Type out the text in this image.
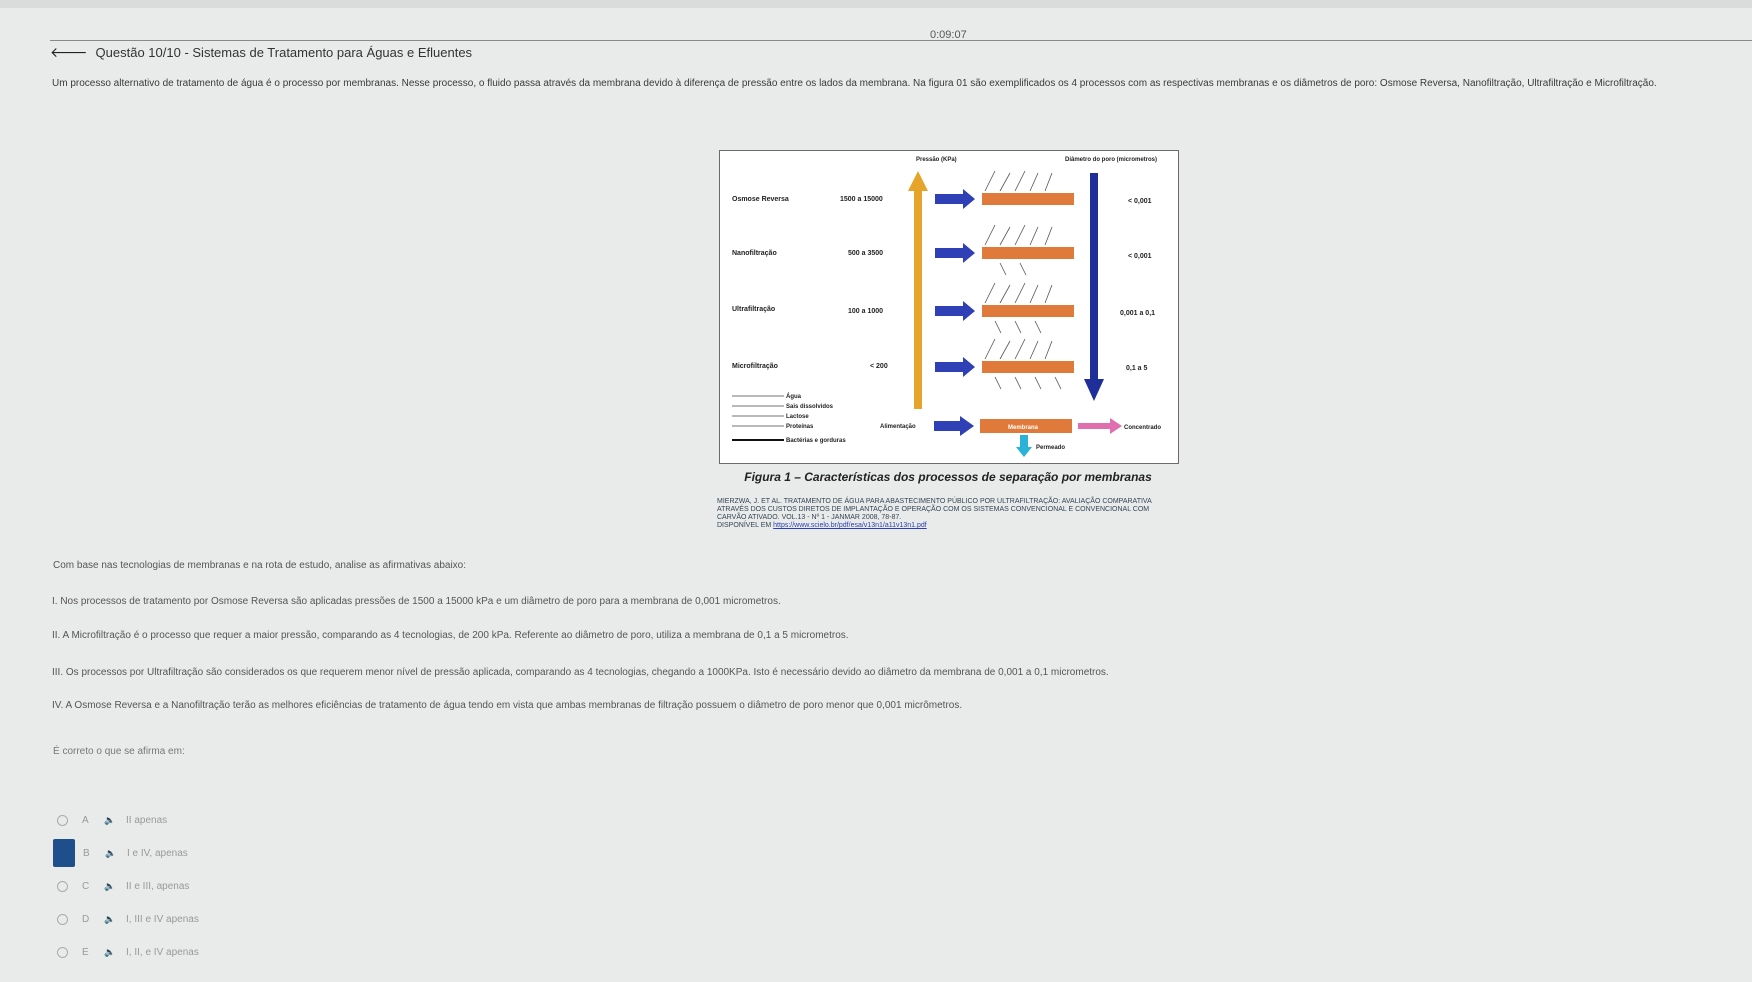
0:09:07
🡐 Questão 10/10 - Sistemas de Tratamento para Águas e Efluentes
Um processo alternativo de tratamento de água é o processo por membranas. Nesse processo, o fluido passa através da membrana devido à diferença de pressão entre os lados da membrana. Na figura 01 são exemplificados os 4 processos com as respectivas membranas e os diâmetros de poro: Osmose Reversa, Nanofiltração, Ultrafiltração e Microfiltração.
Pressão (KPa)	Diâmetro do poro (micrometros)
Osmose Reversa	1500 a 15000	< 0,001
Nanofiltração	500 a 3500	< 0,001
Ultrafiltração	100 a 1000	0,001 a 0,1
Microfiltração	< 200	0,1 a 5
Água
Sais dissolvidos
Lactose
Proteínas
Bactérias e gorduras
Alimentação	Membrana	Concentrado
Permeado
Figura 1 – Características dos processos de separação por membranas
MIERZWA, J. ET AL. TRATAMENTO DE ÁGUA PARA ABASTECIMENTO PÚBLICO POR ULTRAFILTRAÇÃO: AVALIAÇÃO COMPARATIVA ATRAVÉS DOS CUSTOS DIRETOS DE IMPLANTAÇÃO E OPERAÇÃO COM OS SISTEMAS CONVENCIONAL E CONVENCIONAL COM CARVÃO ATIVADO. VOL.13 - Nº 1 - JANMAR 2008, 78-87.
DISPONÍVEL EM https://www.scielo.br/pdf/esa/v13n1/a11v13n1.pdf
Com base nas tecnologias de membranas e na rota de estudo, analise as afirmativas abaixo:
I. Nos processos de tratamento por Osmose Reversa são aplicadas pressões de 1500 a 15000 kPa e um diâmetro de poro para a membrana de 0,001 micrometros.
II. A Microfiltração é o processo que requer a maior pressão, comparando as 4 tecnologias, de 200 kPa. Referente ao diâmetro de poro, utiliza a membrana de 0,1 a 5 micrometros.
III. Os processos por Ultrafiltração são considerados os que requerem menor nível de pressão aplicada, comparando as 4 tecnologias, chegando a 1000KPa. Isto é necessário devido ao diâmetro da membrana de 0,001 a 0,1 micrometros.
IV. A Osmose Reversa e a Nanofiltração terão as melhores eficiências de tratamento de água tendo em vista que ambas membranas de filtração possuem o diâmetro de poro menor que 0,001 micrômetros.
É correto o que se afirma em:
A	🔈	II apenas
B	🔈	I e IV, apenas
C	🔈	II e III, apenas
D	🔈	I, III e IV apenas
E	🔈	I, II, e IV apenas
